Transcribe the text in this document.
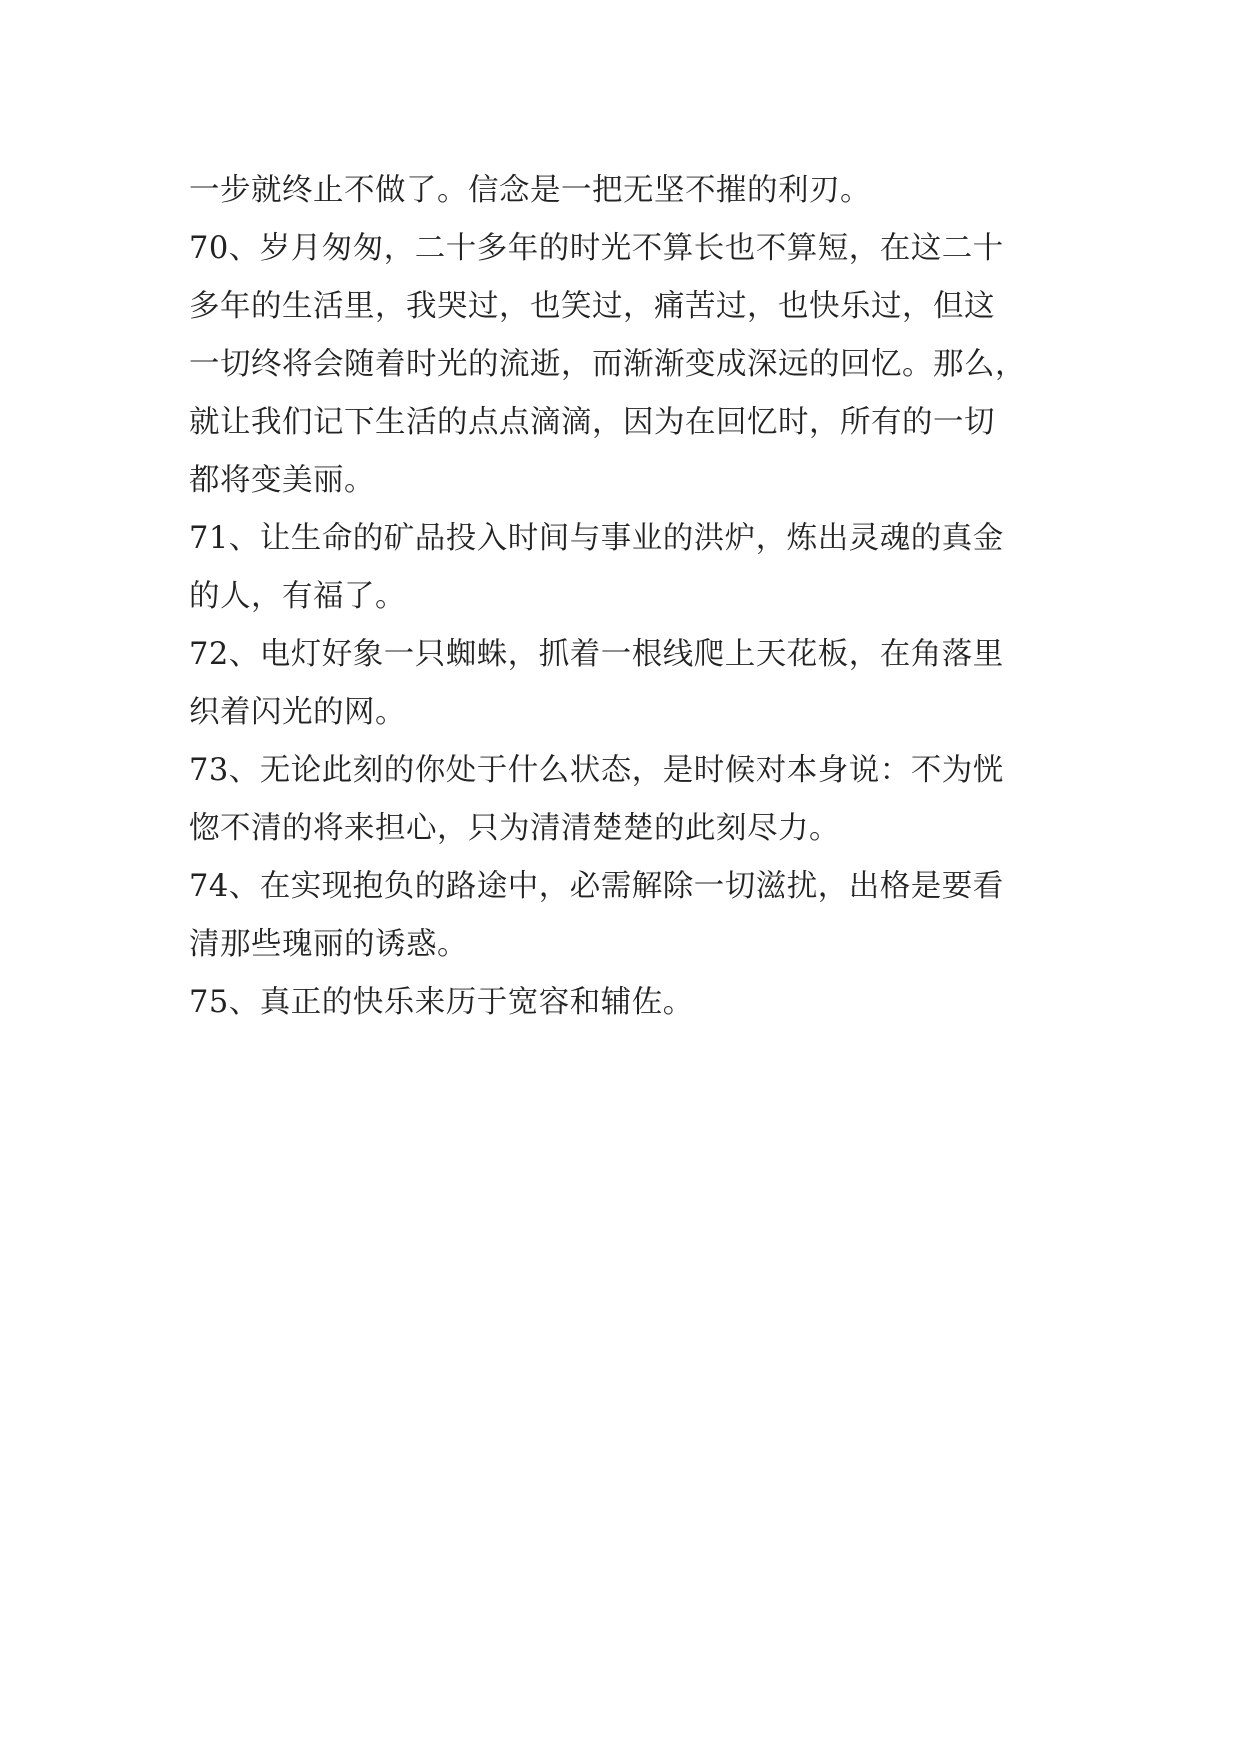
一步就终止不做了。信念是一把无坚不摧的利刃。
70、岁月匆匆，二十多年的时光不算长也不算短，在这二十
多年的生活里，我哭过，也笑过，痛苦过，也快乐过，但这
一切终将会随着时光的流逝，而渐渐变成深远的回忆。那么，
就让我们记下生活的点点滴滴，因为在回忆时，所有的一切
都将变美丽。
71、让生命的矿品投入时间与事业的洪炉，炼出灵魂的真金
的人，有福了。
72、电灯好象一只蜘蛛，抓着一根线爬上天花板，在角落里
织着闪光的网。
73、无论此刻的你处于什么状态，是时候对本身说：不为恍
惚不清的将来担心，只为清清楚楚的此刻尽力。
74、在实现抱负的路途中，必需解除一切滋扰，出格是要看
清那些瑰丽的诱惑。
75、真正的快乐来历于宽容和辅佐。
